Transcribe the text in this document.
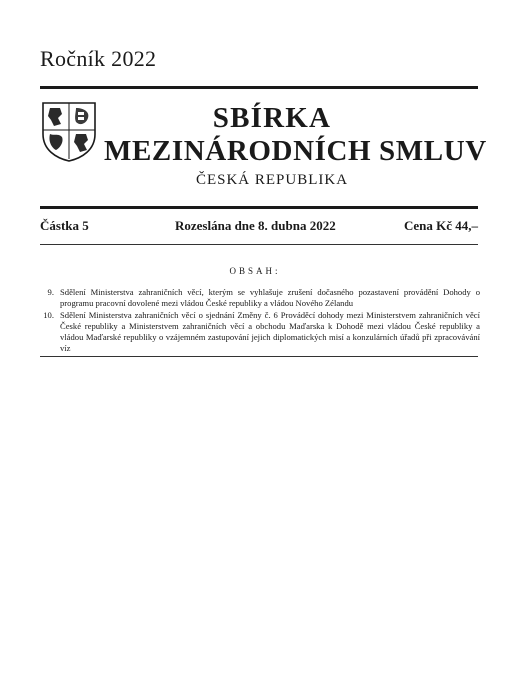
Ročník 2022
SBÍRKA
MEZINÁRODNÍCH SMLUV
ČESKÁ REPUBLIKA
Částka 5	Rozeslána dne 8. dubna 2022	Cena Kč 44,–
OBSAH:
9. Sdělení Ministerstva zahraničních věcí, kterým se vyhlašuje zrušení dočasného pozastavení provádění Dohody o programu pracovní dovolené mezi vládou České republiky a vládou Nového Zélandu
10. Sdělení Ministerstva zahraničních věcí o sjednání Změny č. 6 Prováděcí dohody mezi Ministerstvem zahraničních věcí České republiky a Ministerstvem zahraničních věcí a obchodu Maďarska k Dohodě mezi vládou České republiky a vládou Maďarské republiky o vzájemném zastupování jejich diplomatických misí a konzulárních úřadů při zpracovávání víz
